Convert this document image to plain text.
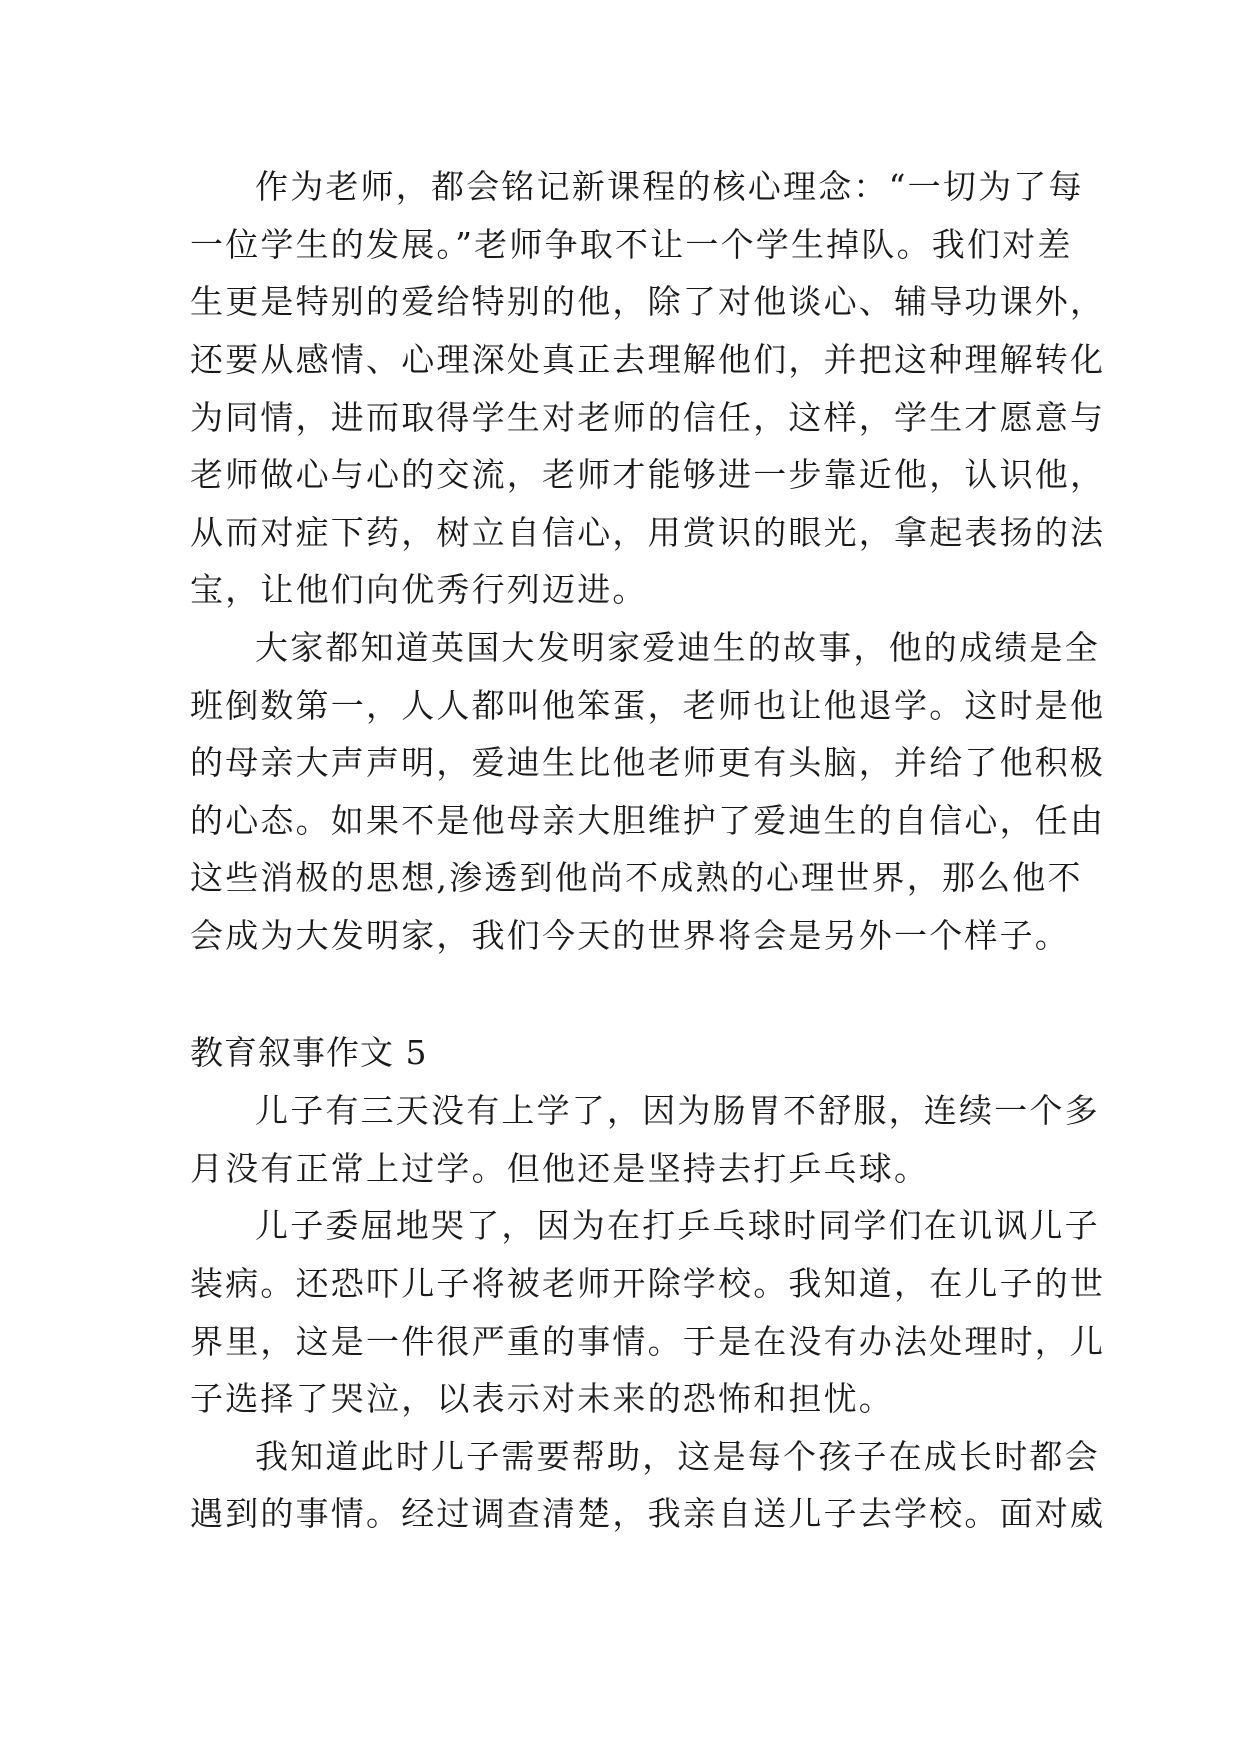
作为老师，都会铭记新课程的核心理念：“一切为了每
一位学生的发展。”老师争取不让一个学生掉队。我们对差
生更是特别的爱给特别的他，除了对他谈心、辅导功课外，
还要从感情、心理深处真正去理解他们，并把这种理解转化
为同情，进而取得学生对老师的信任，这样，学生才愿意与
老师做心与心的交流，老师才能够进一步靠近他，认识他，
从而对症下药，树立自信心，用赏识的眼光，拿起表扬的法
宝，让他们向优秀行列迈进。
大家都知道英国大发明家爱迪生的故事，他的成绩是全
班倒数第一，人人都叫他笨蛋，老师也让他退学。这时是他
的母亲大声声明，爱迪生比他老师更有头脑，并给了他积极
的心态。如果不是他母亲大胆维护了爱迪生的自信心，任由
这些消极的思想,渗透到他尚不成熟的心理世界，那么他不
会成为大发明家，我们今天的世界将会是另外一个样子。
教育叙事作文 5
儿子有三天没有上学了，因为肠胃不舒服，连续一个多
月没有正常上过学。但他还是坚持去打乒乓球。
儿子委屈地哭了，因为在打乒乓球时同学们在讥讽儿子
装病。还恐吓儿子将被老师开除学校。我知道，在儿子的世
界里，这是一件很严重的事情。于是在没有办法处理时，儿
子选择了哭泣，以表示对未来的恐怖和担忧。
我知道此时儿子需要帮助，这是每个孩子在成长时都会
遇到的事情。经过调查清楚，我亲自送儿子去学校。面对威
